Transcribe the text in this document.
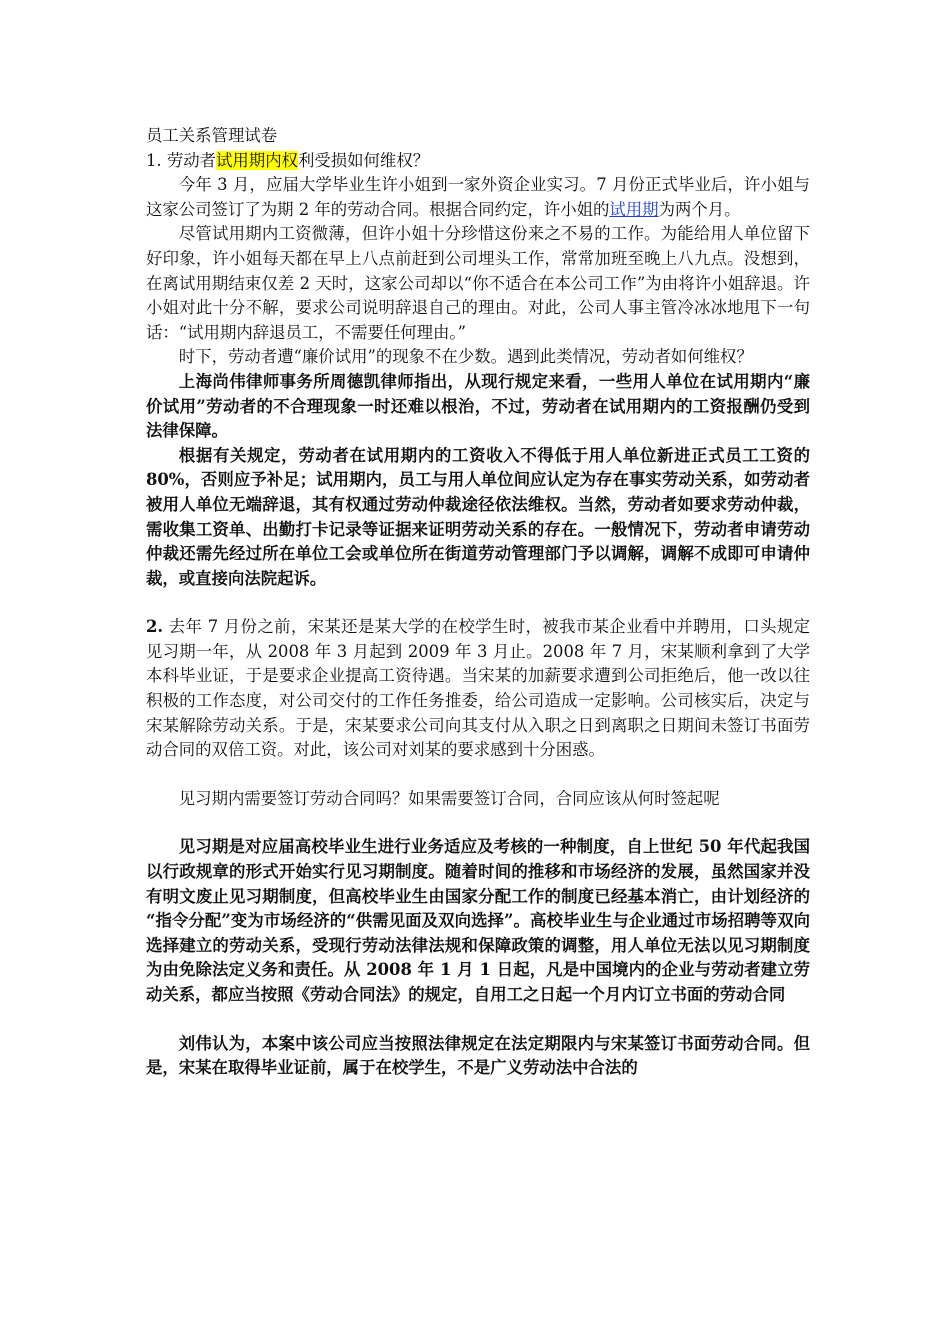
员工关系管理试卷

1. 劳动者试用期内权利受损如何维权？

今年 3 月，应届大学毕业生许小姐到一家外资企业实习。7 月份正式毕业后，许小姐与这家公司签订了为期 2 年的劳动合同。根据合同约定，许小姐的试用期为两个月。

尽管试用期内工资微薄，但许小姐十分珍惜这份来之不易的工作。为能给用人单位留下好印象，许小姐每天都在早上八点前赶到公司埋头工作，常常加班至晚上八九点。没想到，在离试用期结束仅差 2 天时，这家公司却以“你不适合在本公司工作”为由将许小姐辞退。许小姐对此十分不解，要求公司说明辞退自己的理由。对此，公司人事主管冷冰冰地甩下一句话：“试用期内辞退员工，不需要任何理由。”

时下，劳动者遭“廉价试用”的现象不在少数。遇到此类情况，劳动者如何维权？

上海尚伟律师事务所周德凯律师指出，从现行规定来看，一些用人单位在试用期内“廉价试用”劳动者的不合理现象一时还难以根治，不过，劳动者在试用期内的工资报酬仍受到法律保障。

根据有关规定，劳动者在试用期内的工资收入不得低于用人单位新进正式员工工资的 80%，否则应予补足；试用期内，员工与用人单位间应认定为存在事实劳动关系，如劳动者被用人单位无端辞退，其有权通过劳动仲裁途径依法维权。当然，劳动者如要求劳动仲裁，需收集工资单、出勤打卡记录等证据来证明劳动关系的存在。一般情况下，劳动者申请劳动仲裁还需先经过所在单位工会或单位所在街道劳动管理部门予以调解，调解不成即可申请仲裁，或直接向法院起诉。

2. 去年 7 月份之前，宋某还是某大学的在校学生时，被我市某企业看中并聘用，口头规定见习期一年，从 2008 年 3 月起到 2009 年 3 月止。2008 年 7 月，宋某顺利拿到了大学本科毕业证，于是要求企业提高工资待遇。当宋某的加薪要求遭到公司拒绝后，他一改以往积极的工作态度，对公司交付的工作任务推委，给公司造成一定影响。公司核实后，决定与宋某解除劳动关系。于是，宋某要求公司向其支付从入职之日到离职之日期间未签订书面劳动合同的双倍工资。对此，该公司对刘某的要求感到十分困惑。

见习期内需要签订劳动合同吗？如果需要签订合同，合同应该从何时签起呢

见习期是对应届高校毕业生进行业务适应及考核的一种制度，自上世纪 50 年代起我国以行政规章的形式开始实行见习期制度。随着时间的推移和市场经济的发展，虽然国家并没有明文废止见习期制度，但高校毕业生由国家分配工作的制度已经基本消亡，由计划经济的 “指令分配”变为市场经济的“供需见面及双向选择”。高校毕业生与企业通过市场招聘等双向选择建立的劳动关系，受现行劳动法律法规和保障政策的调整，用人单位无法以见习期制度为由免除法定义务和责任。从 2008 年 1 月 1 日起，凡是中国境内的企业与劳动者建立劳动关系，都应当按照《劳动合同法》的规定，自用工之日起一个月内订立书面的劳动合同

刘伟认为，本案中该公司应当按照法律规定在法定期限内与宋某签订书面劳动合同。但是，宋某在取得毕业证前，属于在校学生，不是广义劳动法中合法的
